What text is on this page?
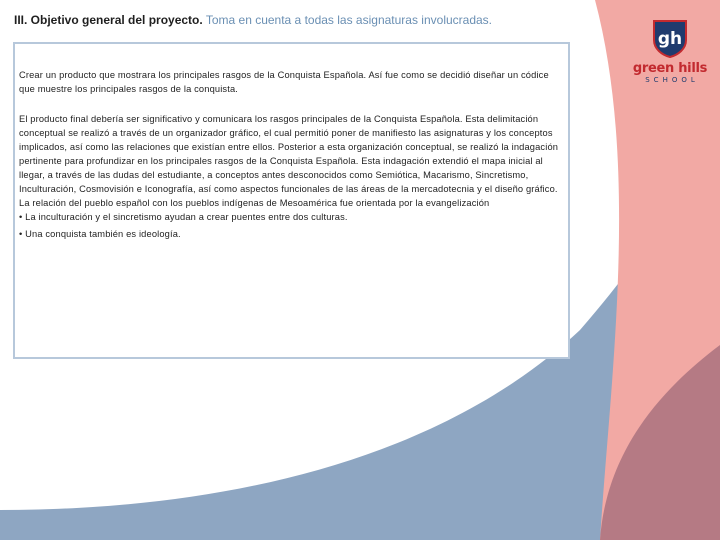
III. Objetivo general del proyecto. Toma en cuenta a todas las asignaturas involucradas.
gh
green hills
SCHOOL

Crear un producto que mostrara los principales rasgos de la Conquista Española. Así fue como se decidió diseñar un códice que muestre los principales rasgos de la conquista.

El producto final debería ser significativo y comunicara los rasgos principales de la Conquista Española. Esta delimitación conceptual se realizó a través de un organizador gráfico, el cual permitió poner de manifiesto las asignaturas y los conceptos implicados, así como las relaciones que existían entre ellos. Posterior a esta organización conceptual, se realizó la indagación pertinente para profundizar en los principales rasgos de la Conquista Española. Esta indagación extendió el mapa inicial al llegar, a través de las dudas del estudiante, a conceptos antes desconocidos como Semiótica, Macarismo, Sincretismo, Inculturación, Cosmovisión e Iconografía, así como aspectos funcionales de las áreas de la mercadotecnia y el diseño gráfico.

La relación del pueblo español con los pueblos indígenas de Mesoamérica fue orientada por la evangelización

• La inculturación y el sincretismo ayudan a crear puentes entre dos culturas.

• Una conquista también es ideología.
